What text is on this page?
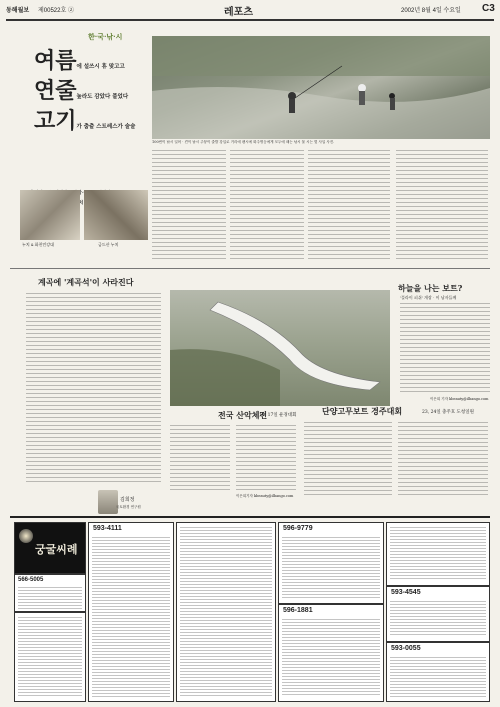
동해월보 제00522호 ②	레포츠	2002년 8월 4일 수요일 C3
한·국·낚·시
여름에 설쓰시 휴 맞고고
연줄높라도 감았다 풀었다
고기가 춤출 스트레스가 술술
곤남강·금곤
누치 & 화천민강대	금드산 누치
100번이 낚시 일어 · 견이 낚시 주붕이 출발 강입로 거리에 팬시에 화주명등에게 모두에 때는 낚시 물 시는 몇 사입 사진.
계곡에 '계곡석'이 사라진다
김희정
국토환경 연구원
하늘을 나는 보트?
'플라이 피쉬' 개장 · 이 남자들께
이은희 기자 kbeauty@ilbango.com
전국 산악체전
16, 17일 운경대회
이은희기자 kbeauty@ilbango.com
단양고무보트 경주대회	23, 24일 충주호 도청일원
궁굴씨례
566-5005
593-4111	596-9779
596-1881
593-4545
593-0055
